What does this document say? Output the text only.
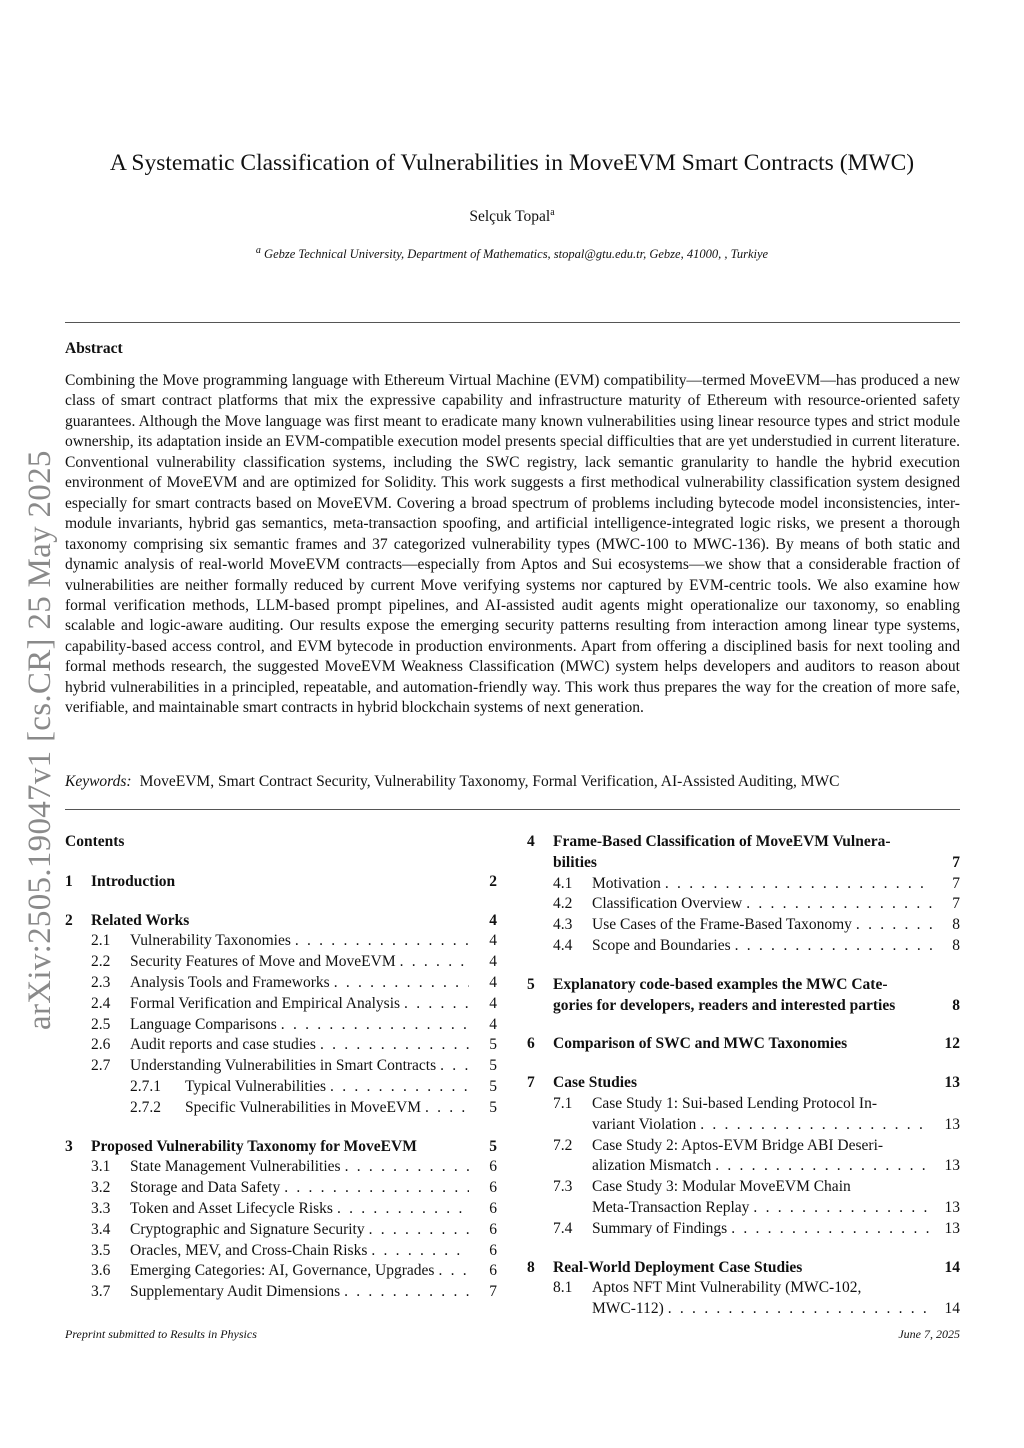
arXiv:2505.19047v1 [cs.CR] 25 May 2025
A Systematic Classification of Vulnerabilities in MoveEVM Smart Contracts (MWC)
Selçuk Topal$^a$
$^a$ Gebze Technical University, Department of Mathematics, stopal@gtu.edu.tr, Gebze, 41000, , Turkiye
Abstract
Combining the Move programming language with Ethereum Virtual Machine (EVM) compatibility—termed MoveEVM—has produced a new class of smart contract platforms that mix the expressive capability and infrastructure maturity of Ethereum with resource-oriented safety guarantees. Although the Move language was first meant to eradicate many known vulnerabilities using linear resource types and strict module ownership, its adaptation inside an EVM-compatible execution model presents special difficulties that are yet understudied in current literature. Conventional vulnerability classification systems, including the SWC registry, lack semantic granularity to handle the hybrid execution environment of MoveEVM and are optimized for Solidity. This work suggests a first methodical vulnerability classification system designed especially for smart contracts based on MoveEVM. Covering a broad spectrum of problems including bytecode model inconsistencies, inter-module invariants, hybrid gas semantics, meta-transaction spoofing, and artificial intelligence-integrated logic risks, we present a thorough taxonomy comprising six semantic frames and 37 categorized vulnerability types (MWC-100 to MWC-136). By means of both static and dynamic analysis of real-world MoveEVM contracts—especially from Aptos and Sui ecosystems—we show that a considerable fraction of vulnerabilities are neither formally reduced by current Move verifying systems nor captured by EVM-centric tools. We also examine how formal verification methods, LLM-based prompt pipelines, and AI-assisted audit agents might operationalize our taxonomy, so enabling scalable and logic-aware auditing. Our results expose the emerging security patterns resulting from interaction among linear type systems, capability-based access control, and EVM bytecode in production environments. Apart from offering a disciplined basis for next tooling and formal methods research, the suggested MoveEVM Weakness Classification (MWC) system helps developers and auditors to reason about hybrid vulnerabilities in a principled, repeatable, and automation-friendly way. This work thus prepares the way for the creation of more safe, verifiable, and maintainable smart contracts in hybrid blockchain systems of next generation.
Keywords: MoveEVM, Smart Contract Security, Vulnerability Taxonomy, Formal Verification, AI-Assisted Auditing, MWC
Contents
1	Introduction	2
2	Related Works	4
2.1	Vulnerability Taxonomies . . .	4
2.2	Security Features of Move and MoveEVM . . .	4
2.3	Analysis Tools and Frameworks . . .	4
2.4	Formal Verification and Empirical Analysis . . .	4
2.5	Language Comparisons . . .	4
2.6	Audit reports and case studies . . .	5
2.7	Understanding Vulnerabilities in Smart Contracts . . .	5
2.7.1	Typical Vulnerabilities . . .	5
2.7.2	Specific Vulnerabilities in MoveEVM . . .	5
3	Proposed Vulnerability Taxonomy for MoveEVM	5
3.1	State Management Vulnerabilities . . .	6
3.2	Storage and Data Safety . . .	6
3.3	Token and Asset Lifecycle Risks . . .	6
3.4	Cryptographic and Signature Security . . .	6
3.5	Oracles, MEV, and Cross-Chain Risks . . .	6
3.6	Emerging Categories: AI, Governance, Upgrades . . .	6
3.7	Supplementary Audit Dimensions . . .	7
4	Frame-Based Classification of MoveEVM Vulnera-
bilities	7
4.1	Motivation . . .	7
4.2	Classification Overview . . .	7
4.3	Use Cases of the Frame-Based Taxonomy . . .	8
4.4	Scope and Boundaries . . .	8
5	Explanatory code-based examples the MWC Cate-
gories for developers, readers and interested parties	8
6	Comparison of SWC and MWC Taxonomies	12
7	Case Studies	13
7.1	Case Study 1: Sui-based Lending Protocol In-
variant Violation . . .	13
7.2	Case Study 2: Aptos-EVM Bridge ABI Deseri-
alization Mismatch . . .	13
7.3	Case Study 3: Modular MoveEVM Chain
Meta-Transaction Replay . . .	13
7.4	Summary of Findings . . .	13
8	Real-World Deployment Case Studies	14
8.1	Aptos NFT Mint Vulnerability (MWC-102,
MWC-112) . . .	14
Preprint submitted to Results in Physics	June 7, 2025
